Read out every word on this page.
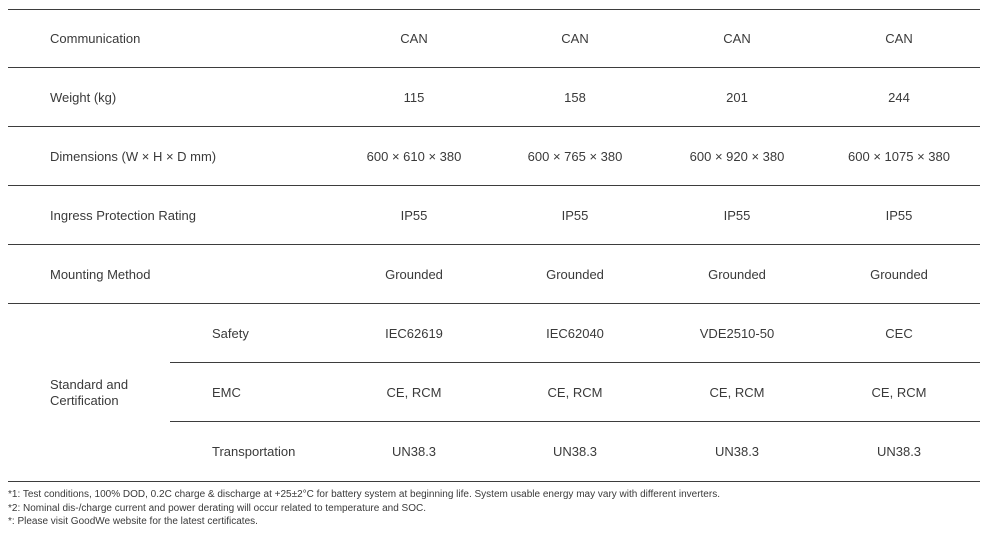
Communication	CAN	CAN	CAN	CAN
Weight (kg)	115	158	201	244
Dimensions (W × H × D mm)	600 × 610 × 380	600 × 765 × 380	600 × 920 × 380	600 × 1075 × 380
Ingress Protection Rating	IP55	IP55	IP55	IP55
Mounting Method	Grounded	Grounded	Grounded	Grounded
Standard and
Certification
Safety	IEC62619	IEC62040	VDE2510-50	CEC
EMC	CE, RCM	CE, RCM	CE, RCM	CE, RCM
Transportation	UN38.3	UN38.3	UN38.3	UN38.3
*1: Test conditions, 100% DOD, 0.2C charge & discharge at +25±2°C for battery system at beginning life. System usable energy may vary with different inverters.
*2: Nominal dis-/charge current and power derating will occur related to temperature and SOC.
*: Please visit GoodWe website for the latest certificates.
